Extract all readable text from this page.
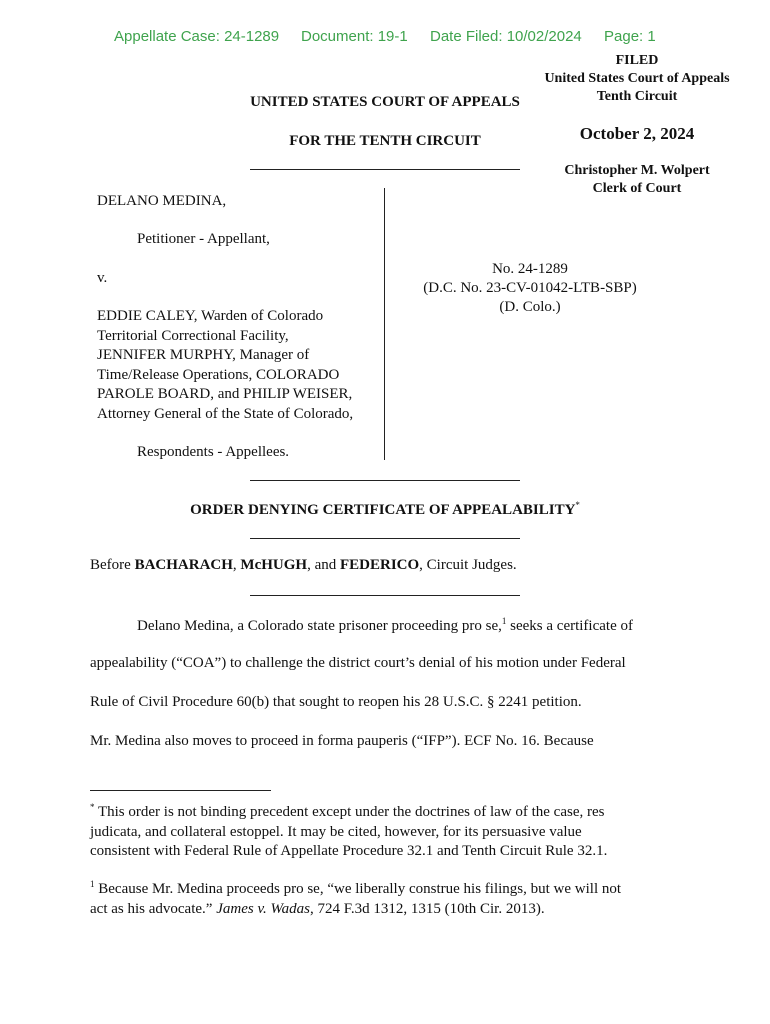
Appellate Case: 24-1289 Document: 19-1 Date Filed: 10/02/2024 Page: 1
FILED
United States Court of Appeals
Tenth Circuit
October 2, 2024
Christopher M. Wolpert
Clerk of Court
UNITED STATES COURT OF APPEALS
FOR THE TENTH CIRCUIT
DELANO MEDINA,
Petitioner - Appellant,
v.
EDDIE CALEY, Warden of Colorado
Territorial Correctional Facility,
JENNIFER MURPHY, Manager of
Time/Release Operations, COLORADO
PAROLE BOARD, and PHILIP WEISER,
Attorney General of the State of Colorado,
Respondents - Appellees.
No. 24-1289
(D.C. No. 23-CV-01042-LTB-SBP)
(D. Colo.)
ORDER DENYING CERTIFICATE OF APPEALABILITY*
Before BACHARACH, McHUGH, and FEDERICO, Circuit Judges.
Delano Medina, a Colorado state prisoner proceeding pro se,$^1$ seeks a certificate of
appealability (“COA”) to challenge the district court’s denial of his motion under Federal
Rule of Civil Procedure 60(b) that sought to reopen his 28 U.S.C. § 2241 petition.
Mr. Medina also moves to proceed in forma pauperis (“IFP”). ECF No. 16. Because
* This order is not binding precedent except under the doctrines of law of the case, res
judicata, and collateral estoppel. It may be cited, however, for its persuasive value
consistent with Federal Rule of Appellate Procedure 32.1 and Tenth Circuit Rule 32.1.
$^1$ Because Mr. Medina proceeds pro se, “we liberally construe his filings, but we will not
act as his advocate.” James v. Wadas, 724 F.3d 1312, 1315 (10th Cir. 2013).
